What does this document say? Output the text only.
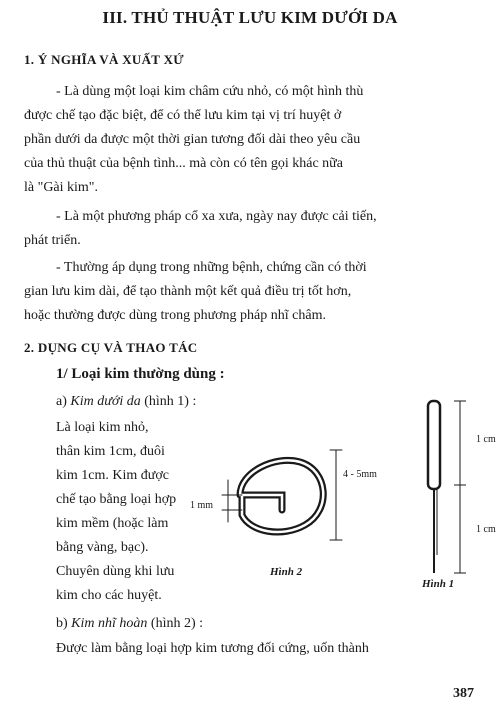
III. THỦ THUẬT LƯU KIM DƯỚI DA
1. Ý NGHĨA VÀ XUẤT XỨ
- Là dùng một loại kim châm cứu nhỏ, có một hình thù
được chế tạo đặc biệt, để có thể lưu kim tại vị trí huyệt ở
phần dưới da được một thời gian tương đối dài theo yêu cầu
của thủ thuật của bệnh tình... mà còn có tên gọi khác nữa
là "Gài kim".
- Là một phương pháp cổ xa xưa, ngày nay được cải tiến,
phát triển.
- Thường áp dụng trong những bệnh, chứng cần có thời
gian lưu kim dài, để tạo thành một kết quả điều trị tốt hơn,
hoặc thường được dùng trong phương pháp nhĩ châm.
2. DỤNG CỤ VÀ THAO TÁC
1/ Loại kim thường dùng :
a) Kim dưới da (hình 1) :
Là loại kim nhỏ,
thân kim 1cm, đuôi
kim 1cm. Kim được
chế tạo bằng loại hợp
kim mềm (hoặc làm
bằng vàng, bạc).
Chuyên dùng khi lưu
kim cho các huyệt.
1 mm
4 - 5mm
Hình 2
1 cm
1 cm
Hình 1
b) Kim nhĩ hoàn (hình 2) :
Được làm bằng loại hợp kim tương đối cứng, uốn thành
387
